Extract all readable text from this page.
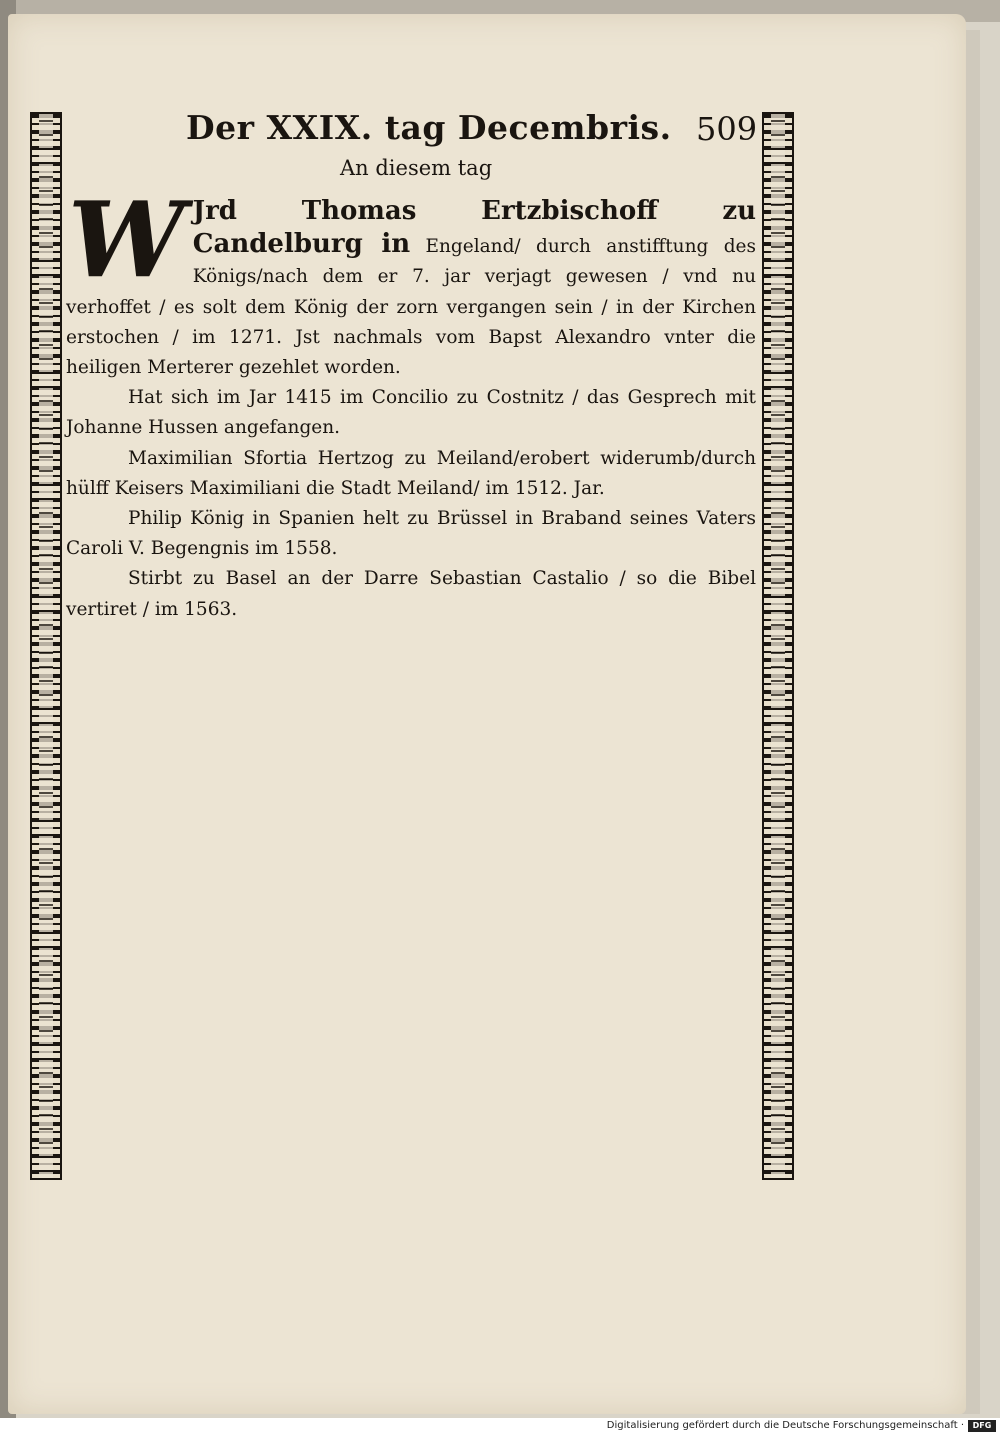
Der XXIX. tag Decembris. 509
An diesem tag

W Jrd Thomas Ertzbischoff zu Candelburg in Engeland/ durch anstifftung des Königs/nach dem er 7. jar verjagt gewesen / vnd nu verhoffet / es solt dem König der zorn vergangen sein / in der Kirchen erstochen / im 1271. Jst nachmals vom Bapst Alexandro vnter die heiligen Merterer gezehlet worden.

Hat sich im Jar 1415 im Concilio zu Costnitz / das Gesprech mit Johanne Hussen angefangen.

Maximilian Sfortia Hertzog zu Meiland/erobert widerumb/durch hülff Keisers Maximiliani die Stadt Meiland/ im 1512. Jar.

Philip König in Spanien helt zu Brüssel in Braband seines Vaters Caroli V. Begengnis im 1558.

Stirbt zu Basel an der Darre Sebastian Castalio / so die Bibel vertiret / im 1563.

Digitalisierung gefördert durch die Deutsche Forschungsgemeinschaft ·	DFG
